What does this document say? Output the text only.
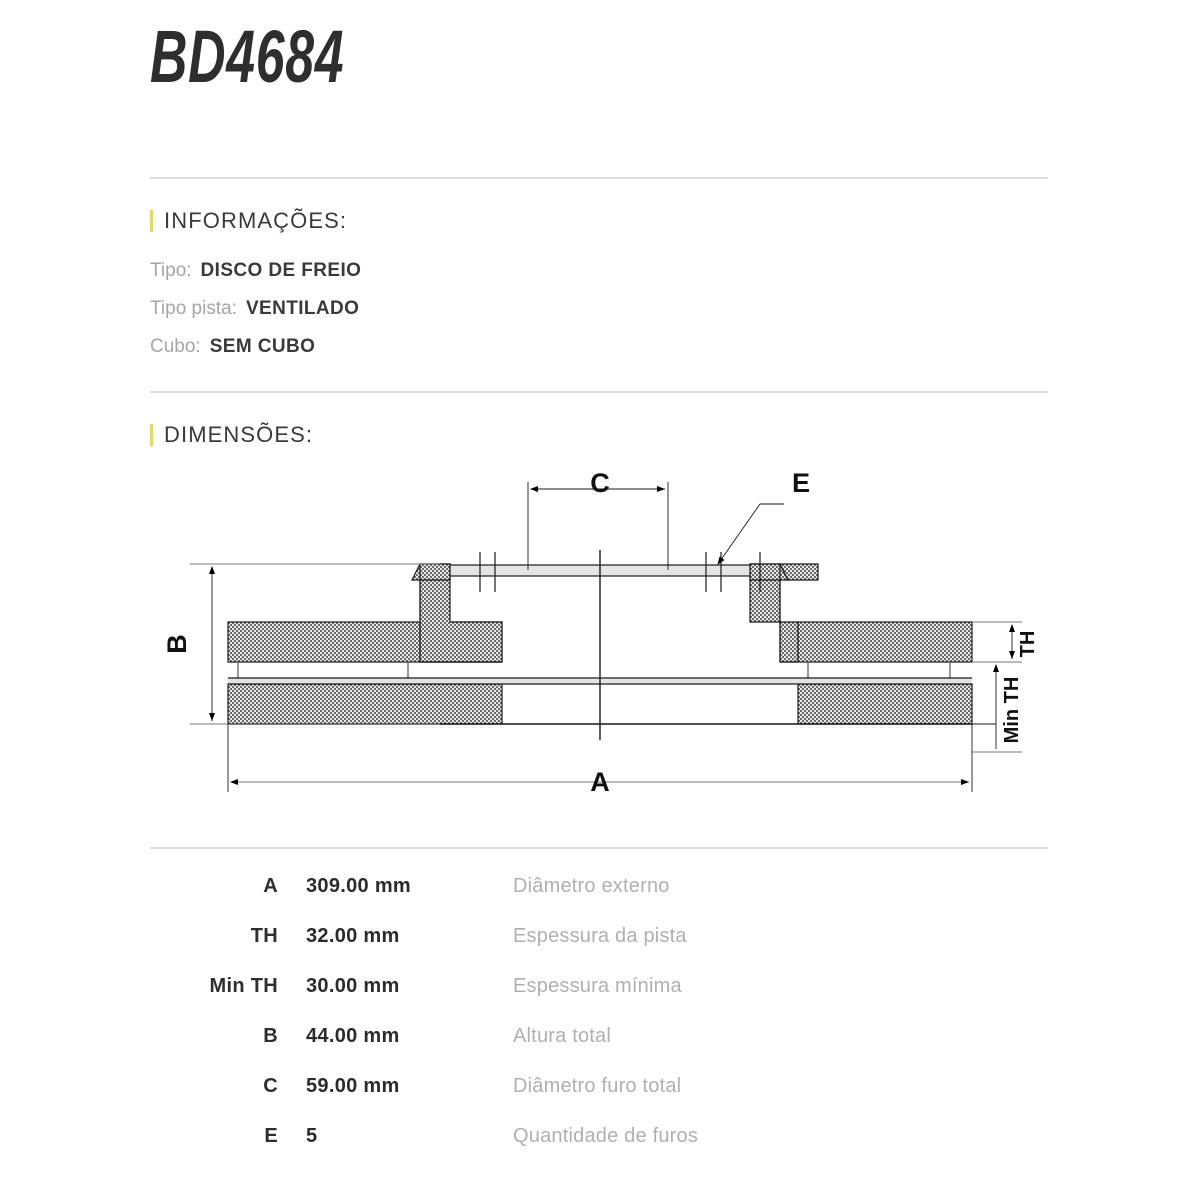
BD4684
INFORMAÇÕES:
Tipo: DISCO DE FREIO
Tipo pista: VENTILADO
Cubo: SEM CUBO
DIMENSÕES:
C	E
B
A
TH
Min TH
A	309.00 mm	Diâmetro externo
TH	32.00 mm	Espessura da pista
Min TH	30.00 mm	Espessura mínima
B	44.00 mm	Altura total
C	59.00 mm	Diâmetro furo total
E	5	Quantidade de furos
